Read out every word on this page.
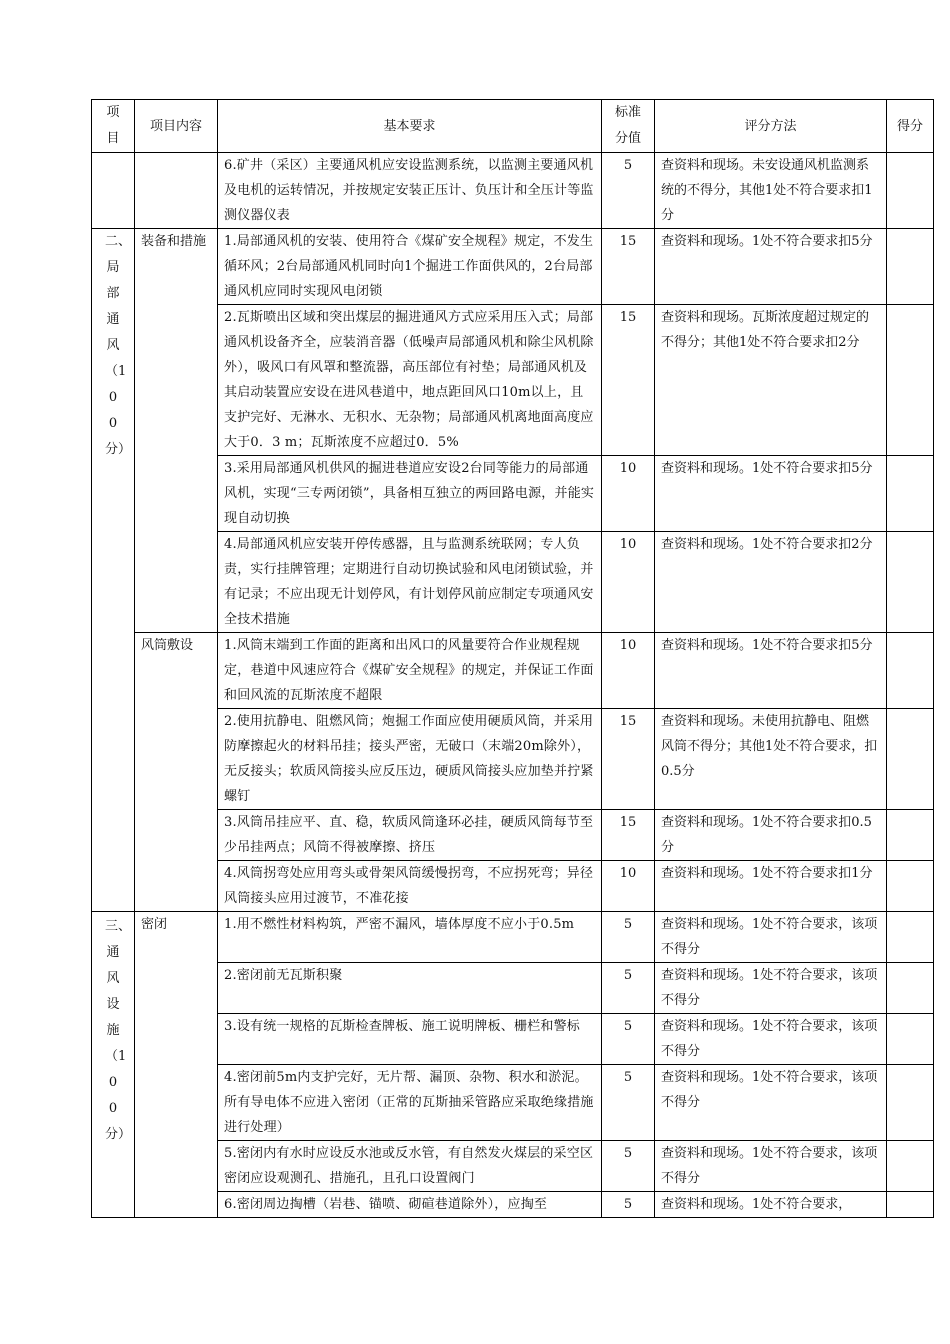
项目	项目内容	基本要求	标准分值	评分方法	得分
		6.矿井（采区）主要通风机应安设监测系统，以监测主要通风机及电机的运转情况，并按规定安装正压计、负压计和全压计等监测仪器仪表	5	查资料和现场。未安设通风机监测系统的不得分，其他1处不符合要求扣1分	
二、局部通风（100分）	装备和措施	1.局部通风机的安装、使用符合《煤矿安全规程》规定，不发生循环风；2台局部通风机同时向1个掘进工作面供风的，2台局部通风机应同时实现风电闭锁	15	查资料和现场。1处不符合要求扣5分	
		2.瓦斯喷出区域和突出煤层的掘进通风方式应采用压入式；局部通风机设备齐全，应装消音器（低噪声局部通风机和除尘风机除外），吸风口有风罩和整流器，高压部位有衬垫；局部通风机及其启动装置应安设在进风巷道中，地点距回风口10m以上，且支护完好、无淋水、无积水、无杂物；局部通风机离地面高度应大于0．3 m；瓦斯浓度不应超过0．5%	15	查资料和现场。瓦斯浓度超过规定的不得分；其他1处不符合要求扣2分	
		3.采用局部通风机供风的掘进巷道应安设2台同等能力的局部通风机，实现“三专两闭锁”，具备相互独立的两回路电源，并能实现自动切换	10	查资料和现场。1处不符合要求扣5分	
		4.局部通风机应安装开停传感器，且与监测系统联网；专人负责，实行挂牌管理；定期进行自动切换试验和风电闭锁试验，并有记录；不应出现无计划停风，有计划停风前应制定专项通风安全技术措施	10	查资料和现场。1处不符合要求扣2分	
	风筒敷设	1.风筒末端到工作面的距离和出风口的风量要符合作业规程规定，巷道中风速应符合《煤矿安全规程》的规定，并保证工作面和回风流的瓦斯浓度不超限	10	查资料和现场。1处不符合要求扣5分	
		2.使用抗静电、阻燃风筒；炮掘工作面应使用硬质风筒，并采用防摩擦起火的材料吊挂；接头严密，无破口（末端20m除外），无反接头；软质风筒接头应反压边，硬质风筒接头应加垫并拧紧螺钉	15	查资料和现场。未使用抗静电、阻燃风筒不得分；其他1处不符合要求，扣0.5分	
		3.风筒吊挂应平、直、稳，软质风筒逢环必挂，硬质风筒每节至少吊挂两点；风筒不得被摩擦、挤压	15	查资料和现场。1处不符合要求扣0.5分	
		4.风筒拐弯处应用弯头或骨架风筒缓慢拐弯，不应拐死弯；异径风筒接头应用过渡节，不准花接	10	查资料和现场。1处不符合要求扣1分	
三、通风设施（100分）	密闭	1.用不燃性材料构筑，严密不漏风，墙体厚度不应小于0.5m	5	查资料和现场。1处不符合要求，该项不得分	
		2.密闭前无瓦斯积聚	5	查资料和现场。1处不符合要求，该项不得分	
		3.设有统一规格的瓦斯检查牌板、施工说明牌板、栅栏和警标	5	查资料和现场。1处不符合要求，该项不得分	
		4.密闭前5m内支护完好，无片帮、漏顶、杂物、积水和淤泥。所有导电体不应进入密闭（正常的瓦斯抽采管路应采取绝缘措施进行处理）	5	查资料和现场。1处不符合要求，该项不得分	
		5.密闭内有水时应设反水池或反水管，有自然发火煤层的采空区密闭应设观测孔、措施孔，且孔口设置阀门	5	查资料和现场。1处不符合要求，该项不得分	
		6.密闭周边掏槽（岩巷、锚喷、砌碹巷道除外），应掏至	5	查资料和现场。1处不符合要求，	
